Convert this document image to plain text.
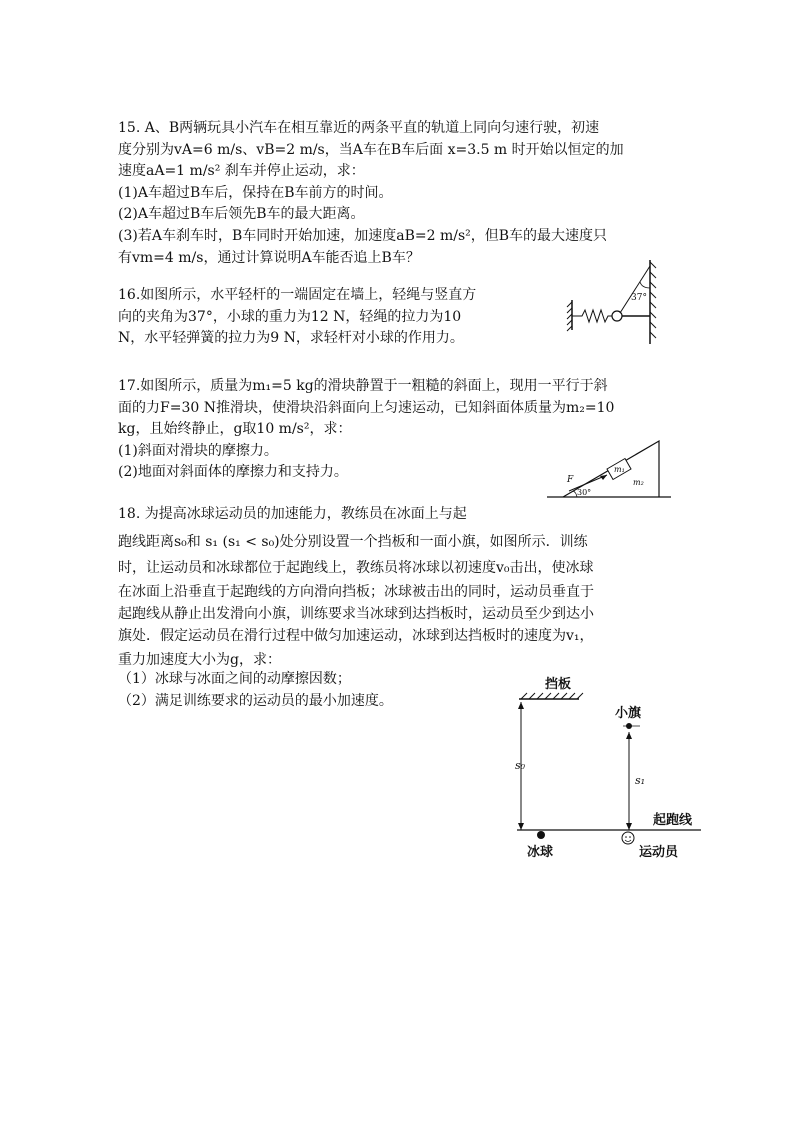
15. A、B两辆玩具小汽车在相互靠近的两条平直的轨道上同向匀速行驶，初速
度分别为vA=6 m/s、vB=2 m/s，当A车在B车后面 x=3.5 m 时开始以恒定的加
速度aA=1 m/s² 刹车并停止运动，求：
(1)A车超过B车后，保持在B车前方的时间。
(2)A车超过B车后领先B车的最大距离。
(3)若A车刹车时，B车同时开始加速，加速度aB=2 m/s²，但B车的最大速度只
有vm=4 m/s，通过计算说明A车能否追上B车？
16.如图所示，水平轻杆的一端固定在墙上，轻绳与竖直方
向的夹角为37°，小球的重力为12 N，轻绳的拉力为10
N，水平轻弹簧的拉力为9 N，求轻杆对小球的作用力。
37°
17.如图所示，质量为m₁=5 kg的滑块静置于一粗糙的斜面上，现用一平行于斜
面的力F=30 N推滑块，使滑块沿斜面向上匀速运动，已知斜面体质量为m₂=10
kg，且始终静止，g取10 m/s²，求：
(1)斜面对滑块的摩擦力。
(2)地面对斜面体的摩擦力和支持力。	m₁
F	m₂
30°
18. 为提高冰球运动员的加速能力，教练员在冰面上与起
跑线距离s₀和 s₁ (s₁ < s₀)处分别设置一个挡板和一面小旗，如图所示．训练
时，让运动员和冰球都位于起跑线上，教练员将冰球以初速度v₀击出，使冰球
在冰面上沿垂直于起跑线的方向滑向挡板；冰球被击出的同时，运动员垂直于
起跑线从静止出发滑向小旗，训练要求当冰球到达挡板时，运动员至少到达小
旗处．假定运动员在滑行过程中做匀加速运动，冰球到达挡板时的速度为v₁，
重力加速度大小为g，求：
（1）冰球与冰面之间的动摩擦因数；
（2）满足训练要求的运动员的最小加速度。
挡板
s₀
小旗
s₁
起跑线
冰球	运动员
